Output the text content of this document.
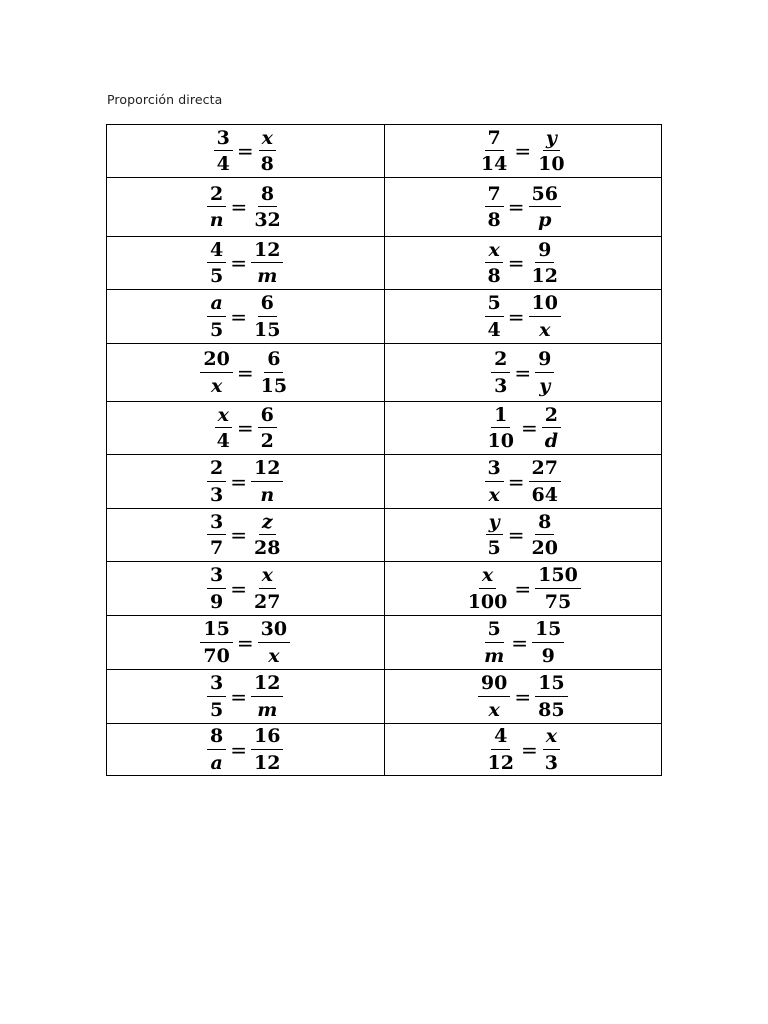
Proporción directa
$\frac{3}{4} = \frac{x}{8}$	$\frac{7}{14} = \frac{y}{10}$

$\frac{2}{n} = \frac{8}{32}$	$\frac{7}{8} = \frac{56}{p}$

$\frac{4}{5} = \frac{12}{m}$	$\frac{x}{8} = \frac{9}{12}$

$\frac{a}{5} = \frac{6}{15}$	$\frac{5}{4} = \frac{10}{x}$

$\frac{20}{x} = \frac{6}{15}$	$\frac{2}{3} = \frac{9}{y}$

$\frac{x}{4} = \frac{6}{2}$	$\frac{1}{10} = \frac{2}{d}$

$\frac{2}{3} = \frac{12}{n}$	$\frac{3}{x} = \frac{27}{64}$

$\frac{3}{7} = \frac{z}{28}$	$\frac{y}{5} = \frac{8}{20}$

$\frac{3}{9} = \frac{x}{27}$	$\frac{x}{100} = \frac{150}{75}$

$\frac{15}{70} = \frac{30}{x}$	$\frac{5}{m} = \frac{15}{9}$

$\frac{3}{5} = \frac{12}{m}$	$\frac{90}{x} = \frac{15}{85}$

$\frac{8}{a} = \frac{16}{12}$	$\frac{4}{12} = \frac{x}{3}$
